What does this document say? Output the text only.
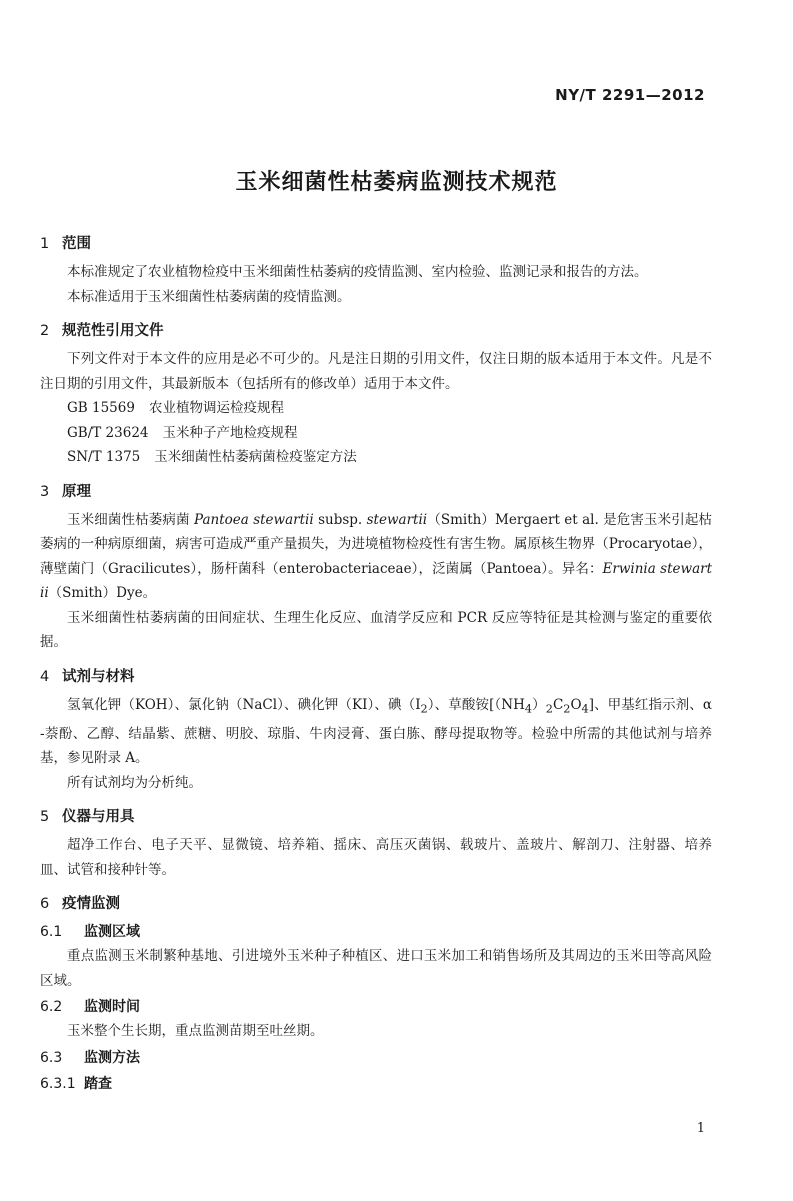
NY/T 2291—2012
玉米细菌性枯萎病监测技术规范
1 范围

本标准规定了农业植物检疫中玉米细菌性枯萎病的疫情监测、室内检验、监测记录和报告的方法。

本标准适用于玉米细菌性枯萎病菌的疫情监测。

2 规范性引用文件

下列文件对于本文件的应用是必不可少的。凡是注日期的引用文件，仅注日期的版本适用于本文件。凡是不注日期的引用文件，其最新版本（包括所有的修改单）适用于本文件。

GB 15569 农业植物调运检疫规程
GB/T 23624 玉米种子产地检疫规程
SN/T 1375 玉米细菌性枯萎病菌检疫鉴定方法
3 原理

玉米细菌性枯萎病菌 Pantoea stewartii subsp. stewartii（Smith）Mergaert et al. 是危害玉米引起枯萎病的一种病原细菌，病害可造成严重产量损失，为进境植物检疫性有害生物。属原核生物界（Procaryotae），薄壁菌门（Gracilicutes），肠杆菌科（enterobacteriaceae），泛菌属（Pantoea）。异名：Erwinia stewartii（Smith）Dye。

玉米细菌性枯萎病菌的田间症状、生理生化反应、血清学反应和 PCR 反应等特征是其检测与鉴定的重要依据。

4 试剂与材料

氢氧化钾（KOH）、氯化钠（NaCl）、碘化钾（KI）、碘$(I_2)$、草酸铵$[(NH_4)_2C_2O_4]$、甲基红指示剂、α-萘酚、乙醇、结晶紫、蔗糖、明胶、琼脂、牛肉浸膏、蛋白胨、酵母提取物等。检验中所需的其他试剂与培养基，参见附录 A。

所有试剂均为分析纯。

5 仪器与用具

超净工作台、电子天平、显微镜、培养箱、摇床、高压灭菌锅、载玻片、盖玻片、解剖刀、注射器、培养皿、试管和接种针等。

6 疫情监测
6.1 监测区域

重点监测玉米制繁种基地、引进境外玉米种子种植区、进口玉米加工和销售场所及其周边的玉米田等高风险区域。

6.2 监测时间

玉米整个生长期，重点监测苗期至吐丝期。

6.3 监测方法
6.3.1 踏查
1
